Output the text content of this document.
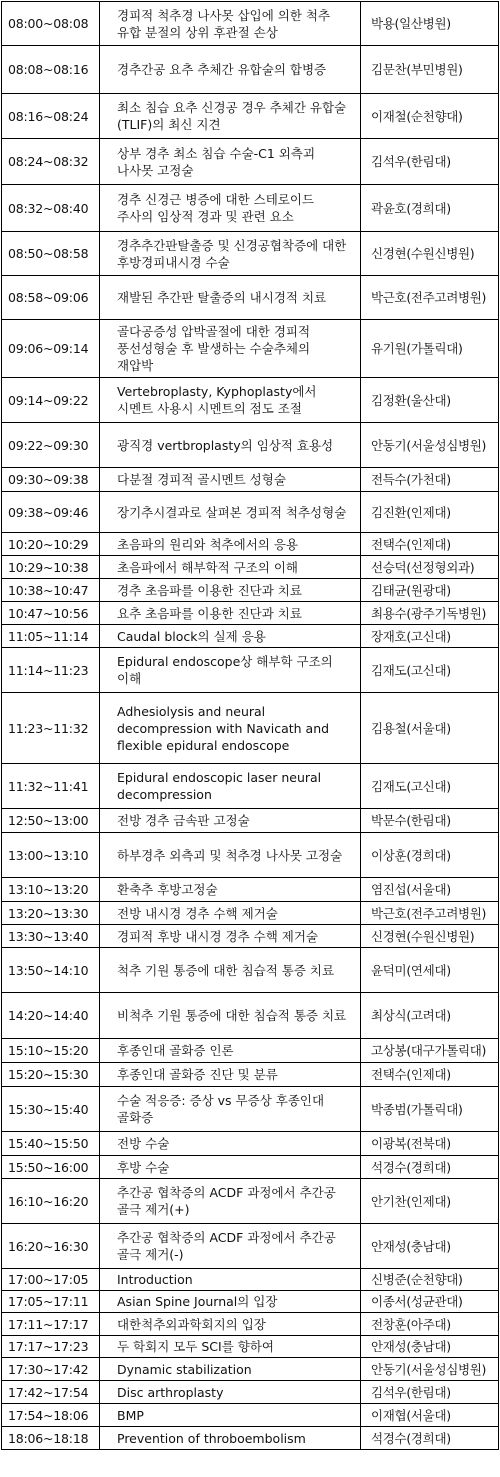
08:00~08:08	경피적 척추경 나사못 삽입에 의한 척추 유합 분절의 상위 후관절 손상	박용(일산병원)
08:08~08:16	경추간공 요추 추체간 유합술의 합병증	김문찬(부민병원)
08:16~08:24	최소 침습 요추 신경공 경우 추체간 유합술(TLIF)의 최신 지견	이재철(순천향대)
08:24~08:32	상부 경추 최소 침습 수술-C1 외측괴 나사못 고정술	김석우(한림대)
08:32~08:40	경추 신경근 병증에 대한 스테로이드 주사의 임상적 경과 및 관련 요소	곽윤호(경희대)
08:50~08:58	경추추간판탈출증 및 신경공협착증에 대한 후방경피내시경 수술	신경현(수원신병원)
08:58~09:06	재발된 추간판 탈출증의 내시경적 치료	박근호(전주고려병원)
09:06~09:14	골다공증성 압박골절에 대한 경피적 풍선성형술 후 발생하는 수술추체의 재압박	유기원(가톨릭대)
09:14~09:22	Vertebroplasty, Kyphoplasty에서 시멘트 사용시 시멘트의 점도 조절	김정환(울산대)
09:22~09:30	광직경 vertbroplasty의 임상적 효용성	안동기(서울성심병원)
09:30~09:38	다분절 경피적 골시멘트 성형술	전득수(가천대)
09:38~09:46	장기추시결과로 살펴본 경피적 척추성형술	김진환(인제대)
10:20~10:29	초음파의 원리와 척추에서의 응용	전택수(인제대)
10:29~10:38	초음파에서 해부학적 구조의 이해	선승덕(선정형외과)
10:38~10:47	경추 초음파를 이용한 진단과 치료	김태균(원광대)
10:47~10:56	요추 초음파를 이용한 진단과 치료	최용수(광주기독병원)
11:05~11:14	Caudal block의 실제 응용	장재호(고신대)
11:14~11:23	Epidural endoscope상 해부학 구조의 이해	김재도(고신대)
11:23~11:32	Adhesiolysis and neural decompression with Navicath and flexible epidural endoscope	김용철(서울대)
11:32~11:41	Epidural endoscopic laser neural decompression	김재도(고신대)
12:50~13:00	전방 경추 금속판 고정술	박문수(한림대)
13:00~13:10	하부경추 외측괴 및 척추경 나사못 고정술	이상훈(경희대)
13:10~13:20	환축추 후방고정술	염진섭(서울대)
13:20~13:30	전방 내시경 경추 수핵 제거술	박근호(전주고려병원)
13:30~13:40	경피적 후방 내시경 경추 수핵 제거술	신경현(수원신병원)
13:50~14:10	척추 기원 통증에 대한 침습적 통증 치료	윤덕미(연세대)
14:20~14:40	비척추 기원 통증에 대한 침습적 통증 치료	최상식(고려대)
15:10~15:20	후종인대 골화증 인론	고상봉(대구가톨릭대)
15:20~15:30	후종인대 골화증 진단 및 분류	전택수(인제대)
15:30~15:40	수술 적응증: 증상 vs 무증상 후종인대 골화증	박종범(가톨릭대)
15:40~15:50	전방 수술	이광복(전북대)
15:50~16:00	후방 수술	석경수(경희대)
16:10~16:20	추간공 협착증의 ACDF 과정에서 추간공 골극 제거(+)	안기찬(인제대)
16:20~16:30	추간공 협착증의 ACDF 과정에서 추간공 골극 제거(-)	안재성(충남대)
17:00~17:05	Introduction	신병준(순천향대)
17:05~17:11	Asian Spine Journal의 입장	이종서(성균관대)
17:11~17:17	대한척추외과학회지의 입장	전창훈(아주대)
17:17~17:23	두 학회지 모두 SCI를 향하여	안재성(충남대)
17:30~17:42	Dynamic stabilization	안동기(서울성심병원)
17:42~17:54	Disc arthroplasty	김석우(한림대)
17:54~18:06	BMP	이재협(서울대)
18:06~18:18	Prevention of throboembolism	석경수(경희대)
